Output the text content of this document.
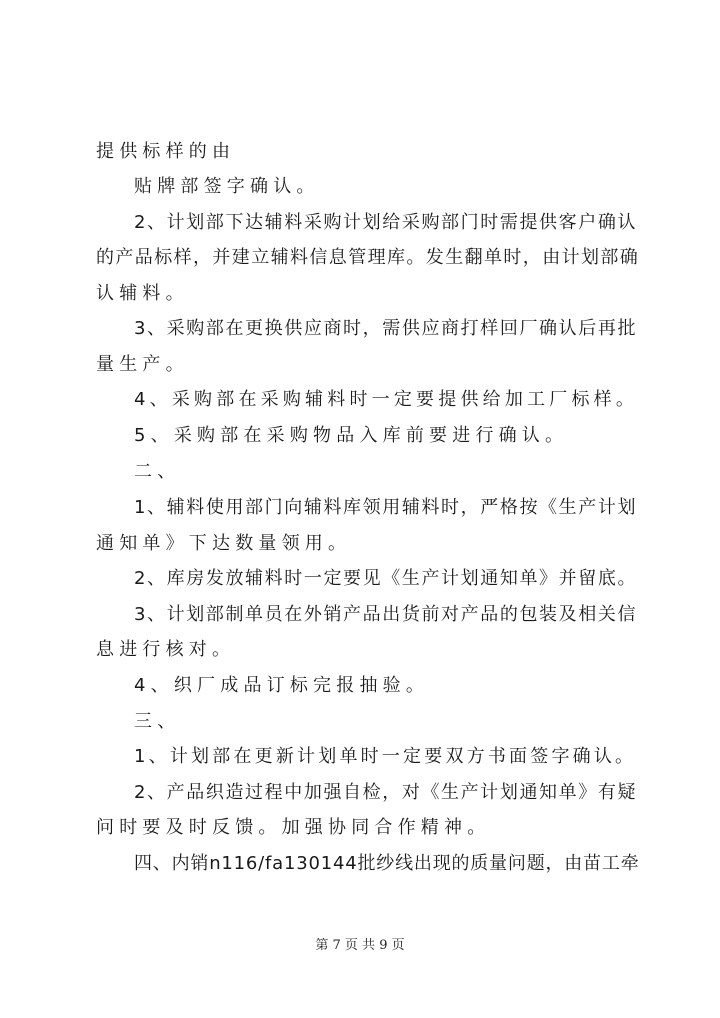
提供标样的由
贴牌部签字确认。
2、计划部下达辅料采购计划给采购部门时需提供客户确认
的产品标样，并建立辅料信息管理库。发生翻单时，由计划部确
认辅料。
3、采购部在更换供应商时，需供应商打样回厂确认后再批
量生产。
4、采购部在采购辅料时一定要提供给加工厂标样。
5、采购部在采购物品入库前要进行确认。
二、
1、辅料使用部门向辅料库领用辅料时，严格按《生产计划
通知单》下达数量领用。
2、库房发放辅料时一定要见《生产计划通知单》并留底。
3、计划部制单员在外销产品出货前对产品的包装及相关信
息进行核对。
4、织厂成品订标完报抽验。
三、
1、计划部在更新计划单时一定要双方书面签字确认。
2、产品织造过程中加强自检，对《生产计划通知单》有疑
问时要及时反馈。加强协同合作精神。
四、内销n116/fa130144批纱线出现的质量问题，由苗工牵
第 7 页 共 9 页
